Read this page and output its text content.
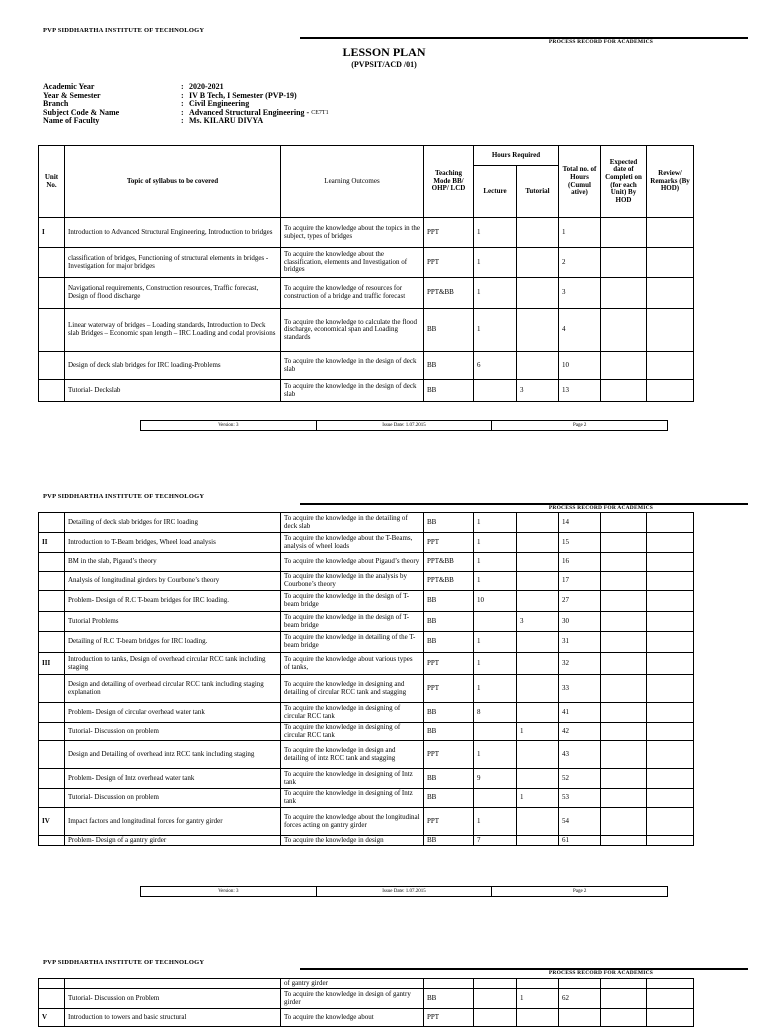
PVP SIDDHARTHA INSTITUTE OF TECHNOLOGY
PROCESS RECORD FOR ACADEMICS
LESSON PLAN
(PVPSIT/ACD /01)
Academic Year	: 2020-2021
Year & Semester	: IV B Tech, I Semester (PVP-19)
Branch	: Civil Engineering
Subject Code & Name	: Advanced Structural Engineering -
CE7T1
Name of Faculty	: Ms. KILARU DIVYA
Unit No.	Topic of syllabus to be covered	Learning Outcomes	Teaching Mode BB/ OHP/ LCD	Hours Required		Total no. of Hours (Cumul ative)	Expected date of Completi on (for each Unit) By HOD	Review/ Remarks (By HOD)
				Lecture	Tutorial			
I	Introduction to Advanced Structural Engineering, Introduction to bridges	To acquire the knowledge about the topics in the subject, types of bridges	PPT	1		1		
	classification of bridges, Functioning of structural elements in bridges - Investigation for major bridges	To acquire the knowledge about the classification, elements and Investigation of bridges	PPT	1		2		
	Navigational requirements, Construction resources, Traffic forecast, Design of flood discharge	To acquire the knowledge of resources for construction of a bridge and traffic forecast	PPT&BB	1		3		
	Linear waterway of bridges – Loading standards, Introduction to Deck slab Bridges – Economic span length – IRC Loading and codal provisions	To acquire the knowledge to calculate the flood discharge, economical span and Loading standards	BB	1		4		
	Design of deck slab bridges for IRC loading-Problems	To acquire the knowledge in the design of deck slab	BB	6		10		
	Tutorial- Deckslab	To acquire the knowledge in the design of deck slab	BB		3	13		
Version: 3	Issue Date: 1.07.2015	Page 2
PVP SIDDHARTHA INSTITUTE OF TECHNOLOGY
PROCESS RECORD FOR ACADEMICS
	Detailing of deck slab bridges for IRC loading	To acquire the knowledge in the detailing of deck slab	BB	1		14		
II	Introduction to T-Beam bridges, Wheel load analysis	To acquire the knowledge about the T-Beams, analysis of wheel loads	PPT	1		15		
	BM in the slab, Pigaud’s theory	To acquire the knowledge about Pigaud’s theory	PPT&BB	1		16		
	Analysis of longitudinal girders by Courbone’s theory	To acquire the knowledge in the analysis by Courbone’s theory	PPT&BB	1		17		
	Problem- Design of R.C T-beam bridges for IRC loading.	To acquire the knowledge in the design of T-beam bridge	BB	10		27		
	Tutorial Problems	To acquire the knowledge in the design of T-beam bridge	BB		3	30		
	Detailing of R.C T-beam bridges for IRC loading.	To acquire the knowledge in detailing of the T-beam bridge	BB	1		31		
III	Introduction to tanks, Design of overhead circular RCC tank including staging	To acquire the knowledge about various types of tanks,	PPT	1		32		
	Design and detailing of overhead circular RCC tank including staging explanation	To acquire the knowledge in designing and detailing of circular RCC tank and stagging	PPT	1		33		
	Problem- Design of circular overhead water tank	To acquire the knowledge in designing of circular RCC tank	BB	8		41		
	Tutorial- Discussion on problem	To acquire the knowledge in designing of circular RCC tank	BB		1	42		
	Design and Detailing of overhead intz RCC tank including staging	To acquire the knowledge in design and detailing of intz RCC tank and stagging	PPT	1		43		
	Problem- Design of Intz overhead water tank	To acquire the knowledge in designing of Intz tank	BB	9		52		
	Tutorial- Discussion on problem	To acquire the knowledge in designing of Intz tank	BB		1	53		
IV	Impact factors and longitudinal forces for gantry girder	To acquire the knowledge about the longitudinal forces acting on gantry girder	PPT	1		54		
	Problem- Design of a gantry girder	To acquire the knowledge in design	BB	7		61		
Version: 3	Issue Date: 1.07.2015	Page 2
PVP SIDDHARTHA INSTITUTE OF TECHNOLOGY
PROCESS RECORD FOR ACADEMICS
		of gantry girder						
	Tutorial- Discussion on Problem	To acquire the knowledge in design of gantry girder	BB		1	62		
V	Introduction to towers and basic structural	To acquire the knowledge about	PPT					
